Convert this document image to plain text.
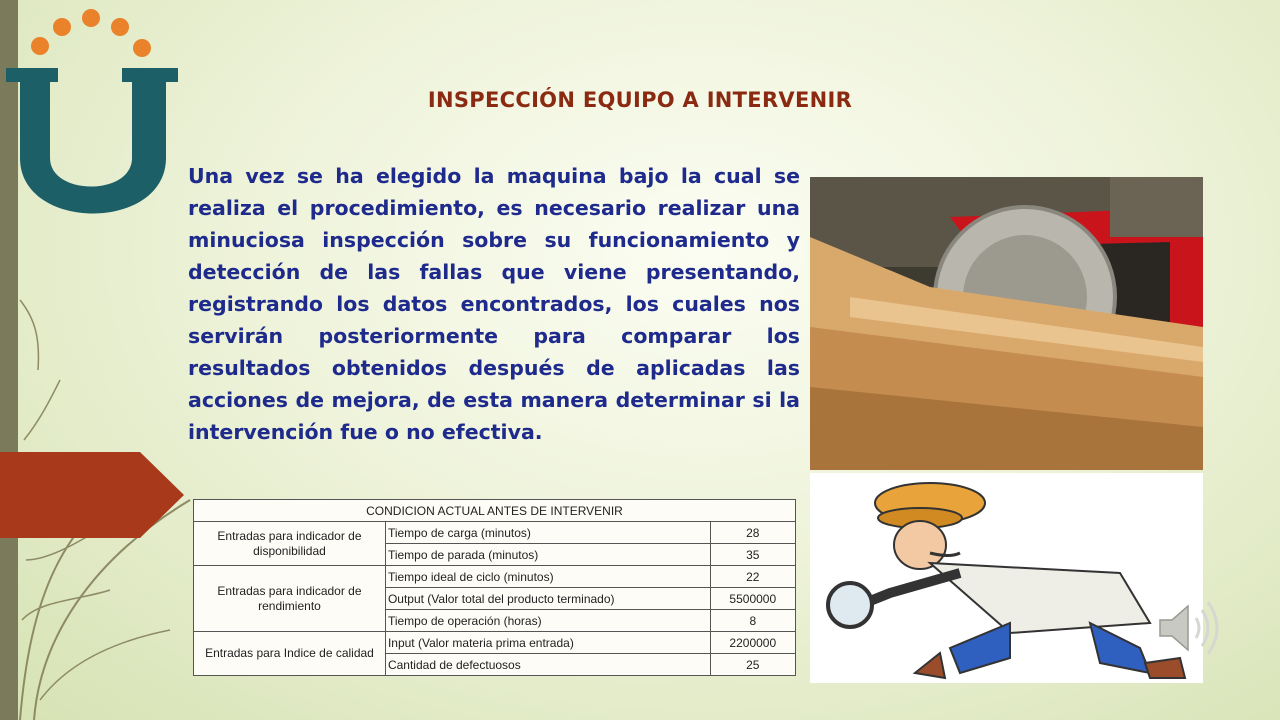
INSPECCIÓN EQUIPO A INTERVENIR
Una vez se ha elegido la maquina bajo la cual se realiza el procedimiento, es necesario realizar una minuciosa inspección sobre su funcionamiento y detección de las fallas que viene presentando, registrando los datos encontrados, los cuales nos servirán posteriormente para comparar los resultados obtenidos después de aplicadas las acciones de mejora, de esta manera determinar si la intervención fue o no efectiva.
CONDICION ACTUAL ANTES DE INTERVENIR		
Entradas para indicador de disponibilidad	Tiempo de carga (minutos)	28
	Tiempo de parada (minutos)	35
Entradas para indicador de rendimiento	Tiempo ideal de ciclo (minutos)	22
	Output (Valor total del producto terminado)	5500000
	Tiempo de operación (horas)	8
Entradas para Indice de calidad	Input (Valor materia prima entrada)	2200000
	Cantidad de defectuosos	25
